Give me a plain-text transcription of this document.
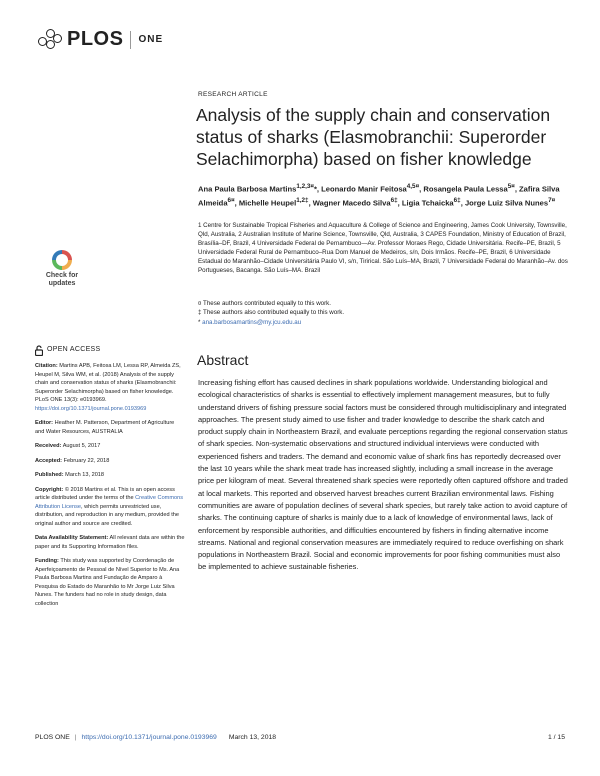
PLOS ONE
RESEARCH ARTICLE
Analysis of the supply chain and conservation status of sharks (Elasmobranchii: Superorder Selachimorpha) based on fisher knowledge
Ana Paula Barbosa Martins$^{1,2,3¤}$*, Leonardo Manir Feitosa$^{4,5¤}$, Rosangela Paula Lessa$^{5¤}$, Zafira Silva Almeida$^{6¤}$, Michelle Heupel$^{1,2\ddagger}$, Wagner Macedo Silva$^{6\ddagger}$, Ligia Tchaicka$^{6\ddagger}$, Jorge Luiz Silva Nunes$^{7¤}$
1 Centre for Sustainable Tropical Fisheries and Aquaculture & College of Science and Engineering, James Cook University, Townsville, Qld, Australia, 2 Australian Institute of Marine Science, Townsville, Qld, Australia, 3 CAPES Foundation, Ministry of Education of Brazil, Brasília–DF, Brazil, 4 Universidade Federal de Pernambuco—Av. Professor Moraes Rego, Cidade Universitária. Recife–PE, Brazil, 5 Universidade Federal Rural de Pernambuco–Rua Dom Manuel de Medeiros, s/n, Dois Irmãos. Recife–PE, Brazil, 6 Universidade Estadual do Maranhão–Cidade Universitária Paulo VI, s/n, Tirirical. São Luís–MA, Brazil, 7 Universidade Federal do Maranhão–Av. dos Portugueses, Bacanga. São Luís–MA. Brazil
¤ These authors contributed equally to this work.
‡ These authors also contributed equally to this work.
* ana.barbosamartins@my.jcu.edu.au
Check for
updates
OPEN ACCESS
Citation: Martins APB, Feitosa LM, Lessa RP, Almeida ZS, Heupel M, Silva WM, et al. (2018) Analysis of the supply chain and conservation status of sharks (Elasmobranchii: Superorder Selachimorpha) based on fisher knowledge. PLoS ONE 13(3): e0193969. https://doi.org/10.1371/journal.pone.0193969
Editor: Heather M. Patterson, Department of Agriculture and Water Resources, AUSTRALIA
Received: August 5, 2017
Accepted: February 22, 2018
Published: March 13, 2018
Copyright: © 2018 Martins et al. This is an open access article distributed under the terms of the Creative Commons Attribution License, which permits unrestricted use, distribution, and reproduction in any medium, provided the original author and source are credited.
Data Availability Statement: All relevant data are within the paper and its Supporting Information files.
Funding: This study was supported by Coordenação de Aperfeiçoamento de Pessoal de Nível Superior to Ms. Ana Paula Barbosa Martins and Fundação de Amparo à Pesquisa do Estado do Maranhão to Mr Jorge Luiz Silva Nunes. The funders had no role in study design, data collection
Abstract
Increasing fishing effort has caused declines in shark populations worldwide. Understanding biological and ecological characteristics of sharks is essential to effectively implement management measures, but to fully understand drivers of fishing pressure social factors must be considered through multidisciplinary and integrated approaches. The present study aimed to use fisher and trader knowledge to describe the shark catch and product supply chain in Northeastern Brazil, and evaluate perceptions regarding the regional conservation status of shark species. Non-systematic observations and structured individual interviews were conducted with experienced fishers and traders. The demand and economic value of shark fins has reportedly decreased over the last 10 years while the shark meat trade has increased slightly, including a small increase in the average price per kilogram of meat. Several threatened shark species were reportedly often captured offshore and traded at local markets. This reported and observed harvest breaches current Brazilian environmental laws. Fishing communities are aware of population declines of several shark species, but rarely take action to avoid capture of sharks. The continuing capture of sharks is mainly due to a lack of knowledge of environmental laws, lack of enforcement by responsible authorities, and difficulties encountered by fishers in finding alternative income streams. National and regional conservation measures are immediately required to reduce overfishing on shark populations in Northeastern Brazil. Social and economic improvements for poor fishing communities must also be implemented to achieve sustainable fisheries.
PLOS ONE | https://doi.org/10.1371/journal.pone.0193969 March 13, 2018	1 / 15
